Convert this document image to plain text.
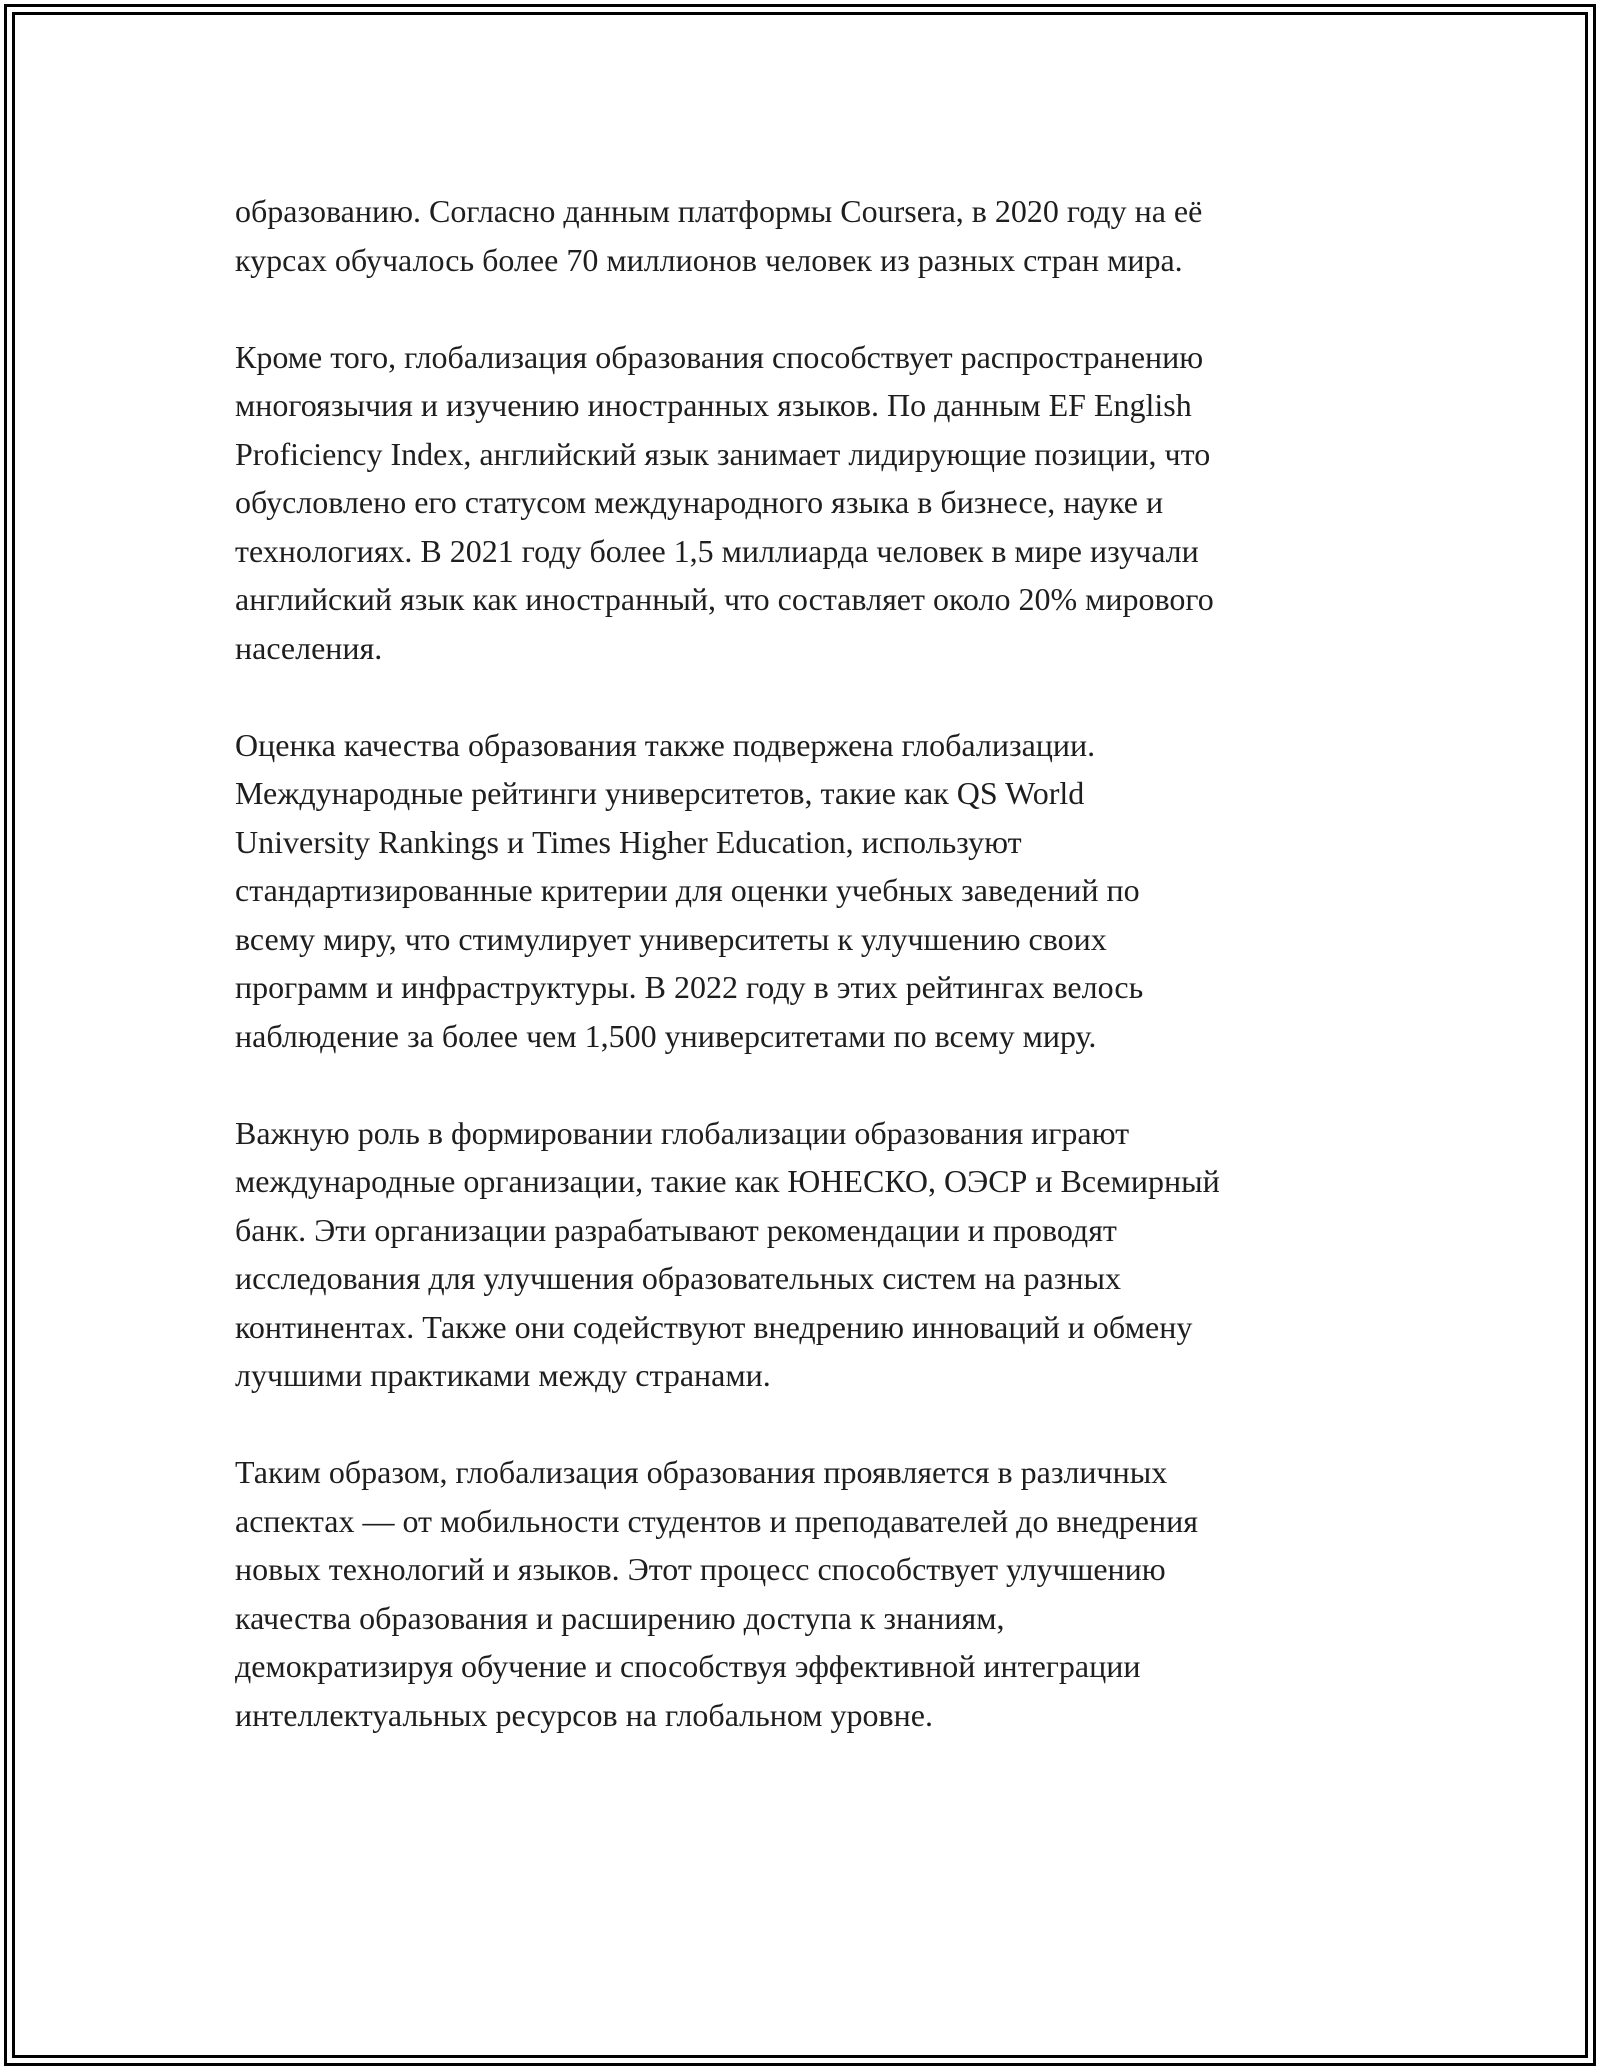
образованию. Согласно данным платформы Coursera, в 2020 году на её
курсах обучалось более 70 миллионов человек из разных стран мира.

Кроме того, глобализация образования способствует распространению
многоязычия и изучению иностранных языков. По данным EF English
Proficiency Index, английский язык занимает лидирующие позиции, что
обусловлено его статусом международного языка в бизнесе, науке и
технологиях. В 2021 году более 1,5 миллиарда человек в мире изучали
английский язык как иностранный, что составляет около 20% мирового
населения.

Оценка качества образования также подвержена глобализации.
Международные рейтинги университетов, такие как QS World
University Rankings и Times Higher Education, используют
стандартизированные критерии для оценки учебных заведений по
всему миру, что стимулирует университеты к улучшению своих
программ и инфраструктуры. В 2022 году в этих рейтингах велось
наблюдение за более чем 1,500 университетами по всему миру.

Важную роль в формировании глобализации образования играют
международные организации, такие как ЮНЕСКО, ОЭСР и Всемирный
банк. Эти организации разрабатывают рекомендации и проводят
исследования для улучшения образовательных систем на разных
континентах. Также они содействуют внедрению инноваций и обмену
лучшими практиками между странами.

Таким образом, глобализация образования проявляется в различных
аспектах — от мобильности студентов и преподавателей до внедрения
новых технологий и языков. Этот процесс способствует улучшению
качества образования и расширению доступа к знаниям,
демократизируя обучение и способствуя эффективной интеграции
интеллектуальных ресурсов на глобальном уровне.
